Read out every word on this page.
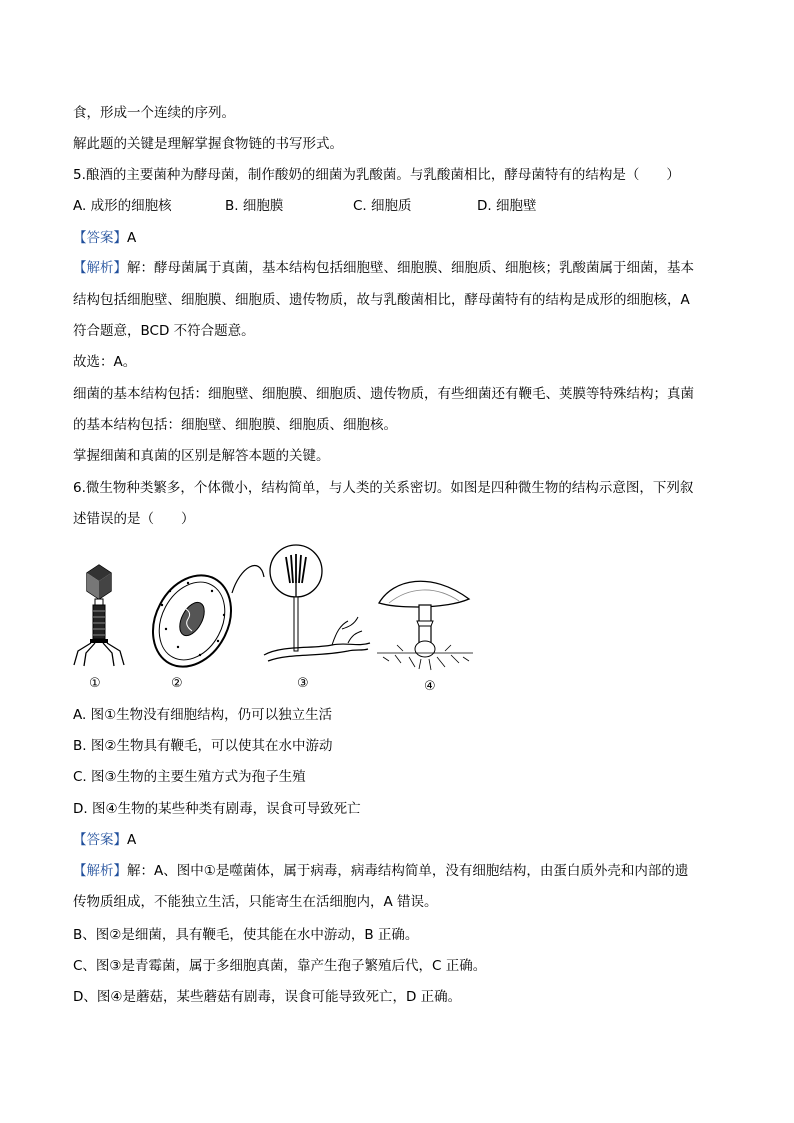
食，形成一个连续的序列。
解此题的关键是理解掌握食物链的书写形式。
5.酿酒的主要菌种为酵母菌，制作酸奶的细菌为乳酸菌。与乳酸菌相比，酵母菌特有的结构是（　　）
A. 成形的细胞核	B. 细胞膜	C. 细胞质	D. 细胞壁
【答案】A
【解析】解：酵母菌属于真菌，基本结构包括细胞壁、细胞膜、细胞质、细胞核；乳酸菌属于细菌，基本
结构包括细胞壁、细胞膜、细胞质、遗传物质，故与乳酸菌相比，酵母菌特有的结构是成形的细胞核，A
符合题意，BCD 不符合题意。
故选：A。
细菌的基本结构包括：细胞壁、细胞膜、细胞质、遗传物质，有些细菌还有鞭毛、荚膜等特殊结构；真菌
的基本结构包括：细胞壁、细胞膜、细胞质、细胞核。
掌握细菌和真菌的区别是解答本题的关键。
6.微生物种类繁多，个体微小，结构简单，与人类的关系密切。如图是四种微生物的结构示意图，下列叙
述错误的是（　　）
①	②	③	④
A. 图①生物没有细胞结构，仍可以独立生活
B. 图②生物具有鞭毛，可以使其在水中游动
C. 图③生物的主要生殖方式为孢子生殖
D. 图④生物的某些种类有剧毒，误食可导致死亡
【答案】A
【解析】解：A、图中①是噬菌体，属于病毒，病毒结构简单，没有细胞结构，由蛋白质外壳和内部的遗
传物质组成，不能独立生活，只能寄生在活细胞内，A 错误。
B、图②是细菌，具有鞭毛，使其能在水中游动，B 正确。
C、图③是青霉菌，属于多细胞真菌，靠产生孢子繁殖后代，C 正确。
D、图④是蘑菇，某些蘑菇有剧毒，误食可能导致死亡，D 正确。
